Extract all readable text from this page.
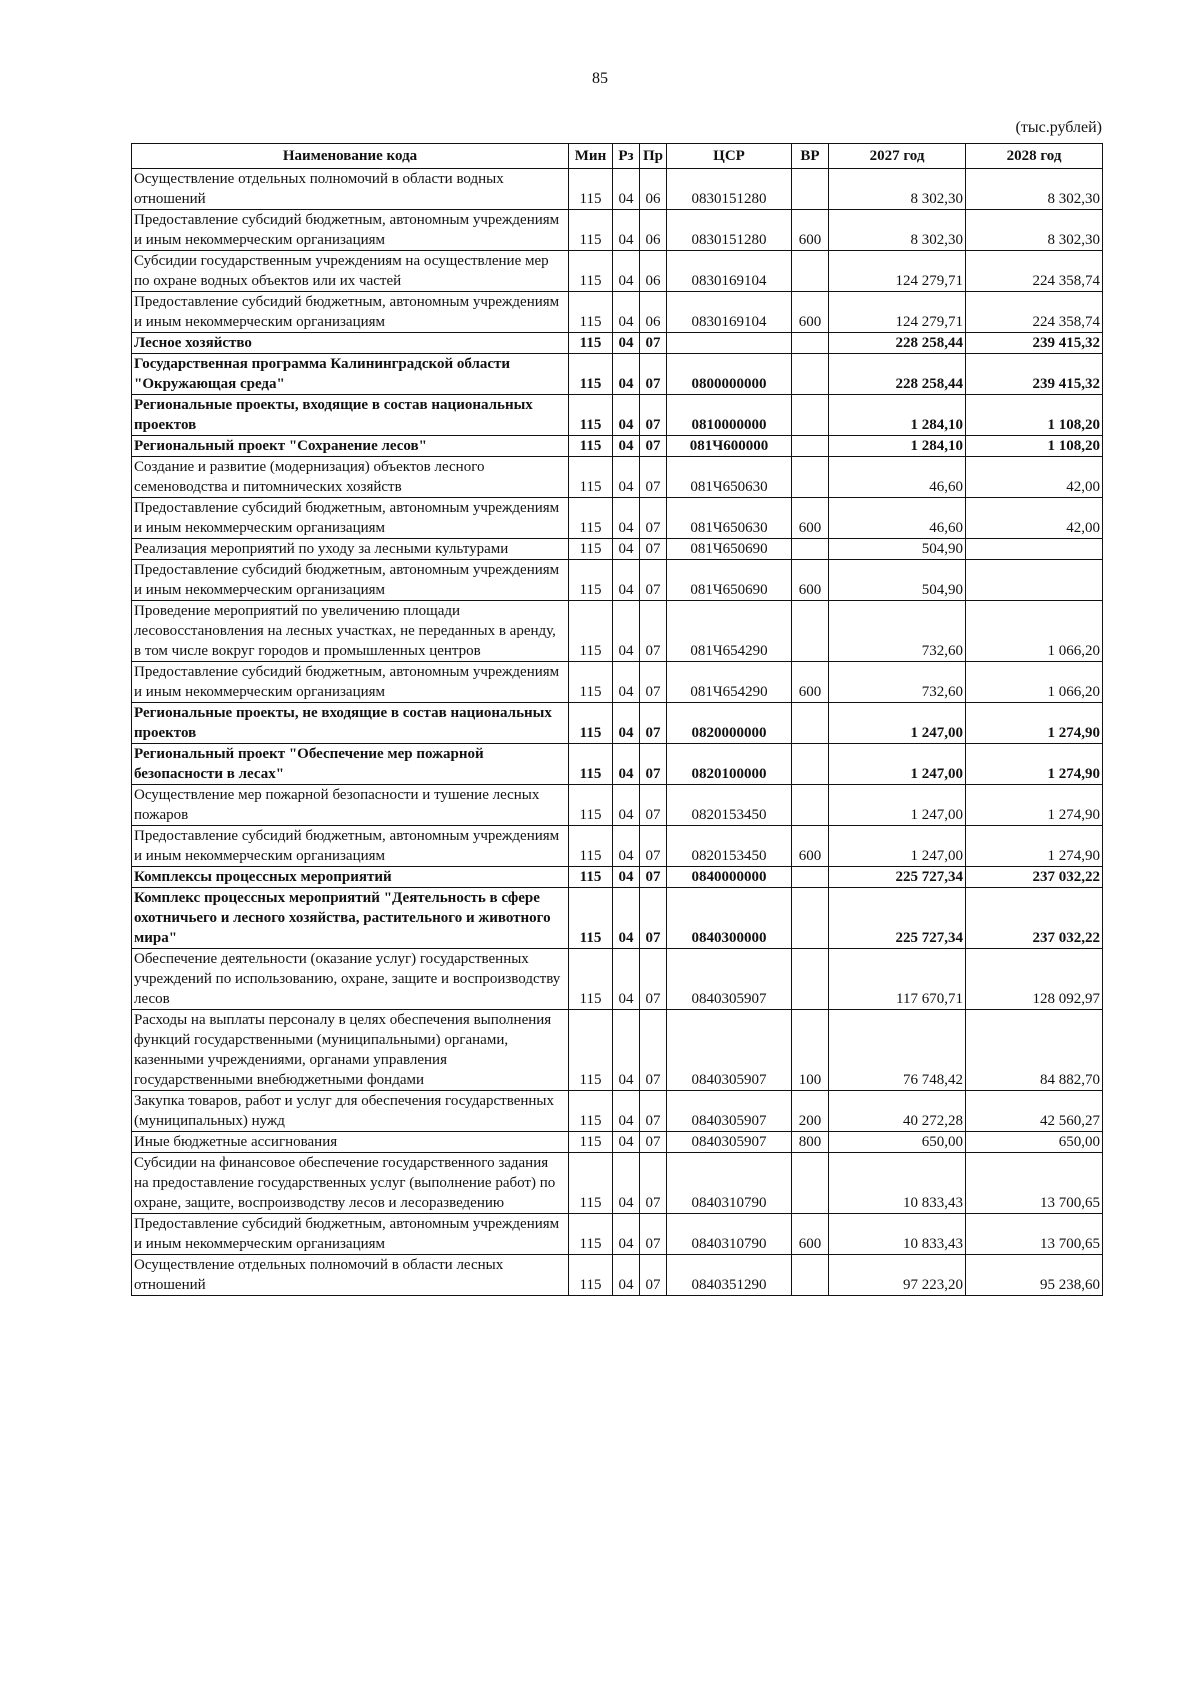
85
(тыс.рублей)
Наименование кода	Мин	Рз	Пр	ЦСР	ВР	2027 год	2028 год
Осуществление отдельных полномочий в области водных отношений	115	04	06	0830151280		8 302,30	8 302,30
Предоставление субсидий бюджетным, автономным учреждениям и иным некоммерческим организациям	115	04	06	0830151280	600	8 302,30	8 302,30
Субсидии государственным учреждениям на осуществление мер по охране водных объектов или их частей	115	04	06	0830169104		124 279,71	224 358,74
Предоставление субсидий бюджетным, автономным учреждениям и иным некоммерческим организациям	115	04	06	0830169104	600	124 279,71	224 358,74
Лесное хозяйство	115	04	07			228 258,44	239 415,32
Государственная программа Калининградской области "Окружающая среда"	115	04	07	0800000000		228 258,44	239 415,32
Региональные проекты, входящие в состав национальных проектов	115	04	07	0810000000		1 284,10	1 108,20
Региональный проект "Сохранение лесов"	115	04	07	081Ч600000		1 284,10	1 108,20
Создание и развитие (модернизация) объектов лесного семеноводства и питомнических хозяйств	115	04	07	081Ч650630		46,60	42,00
Предоставление субсидий бюджетным, автономным учреждениям и иным некоммерческим организациям	115	04	07	081Ч650630	600	46,60	42,00
Реализация мероприятий по уходу за лесными культурами	115	04	07	081Ч650690		504,90	
Предоставление субсидий бюджетным, автономным учреждениям и иным некоммерческим организациям	115	04	07	081Ч650690	600	504,90	
Проведение мероприятий по увеличению площади лесовосстановления на лесных участках, не переданных в аренду, в том числе вокруг городов и промышленных центров	115	04	07	081Ч654290		732,60	1 066,20
Предоставление субсидий бюджетным, автономным учреждениям и иным некоммерческим организациям	115	04	07	081Ч654290	600	732,60	1 066,20
Региональные проекты, не входящие в состав национальных проектов	115	04	07	0820000000		1 247,00	1 274,90
Региональный проект "Обеспечение мер пожарной безопасности в лесах"	115	04	07	0820100000		1 247,00	1 274,90
Осуществление мер пожарной безопасности и тушение лесных пожаров	115	04	07	0820153450		1 247,00	1 274,90
Предоставление субсидий бюджетным, автономным учреждениям и иным некоммерческим организациям	115	04	07	0820153450	600	1 247,00	1 274,90
Комплексы процессных мероприятий	115	04	07	0840000000		225 727,34	237 032,22
Комплекс процессных мероприятий "Деятельность в сфере охотничьего и лесного хозяйства, растительного и животного мира"	115	04	07	0840300000		225 727,34	237 032,22
Обеспечение деятельности (оказание услуг) государственных учреждений по использованию, охране, защите и воспроизводству лесов	115	04	07	0840305907		117 670,71	128 092,97
Расходы на выплаты персоналу в целях обеспечения выполнения функций государственными (муниципальными) органами, казенными учреждениями, органами управления государственными внебюджетными фондами	115	04	07	0840305907	100	76 748,42	84 882,70
Закупка товаров, работ и услуг для обеспечения государственных (муниципальных) нужд	115	04	07	0840305907	200	40 272,28	42 560,27
Иные бюджетные ассигнования	115	04	07	0840305907	800	650,00	650,00
Субсидии на финансовое обеспечение государственного задания на предоставление государственных услуг (выполнение работ) по охране, защите, воспроизводству лесов и лесоразведению	115	04	07	0840310790		10 833,43	13 700,65
Предоставление субсидий бюджетным, автономным учреждениям и иным некоммерческим организациям	115	04	07	0840310790	600	10 833,43	13 700,65
Осуществление отдельных полномочий в области лесных отношений	115	04	07	0840351290		97 223,20	95 238,60
